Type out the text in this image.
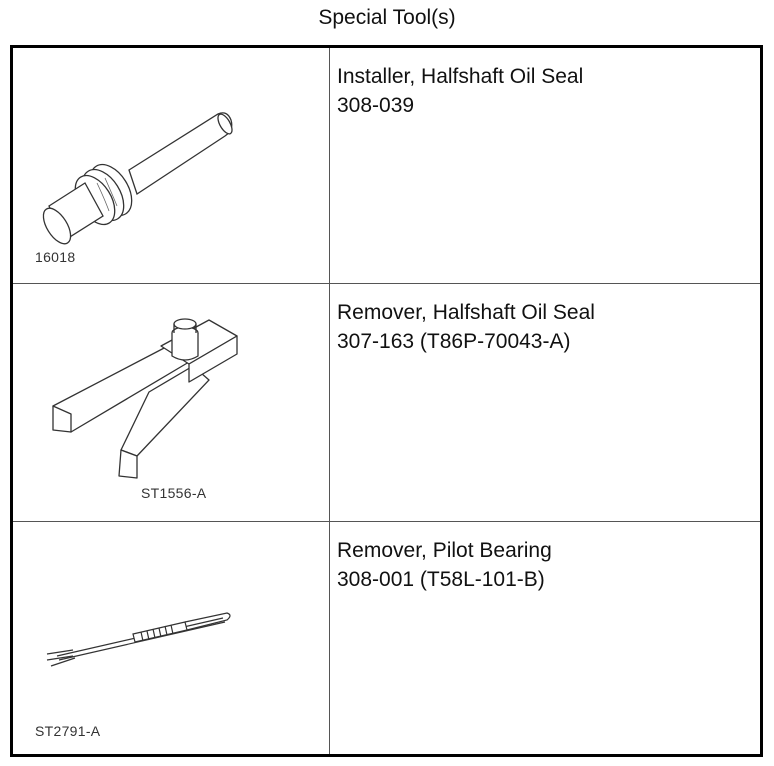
Special Tool(s)
16018	Installer, Halfshaft Oil Seal
308-039

ST1556-A	Remover, Halfshaft Oil Seal
307-163 (T86P-70043-A)

ST2791-A	Remover, Pilot Bearing
308-001 (T58L-101-B)
